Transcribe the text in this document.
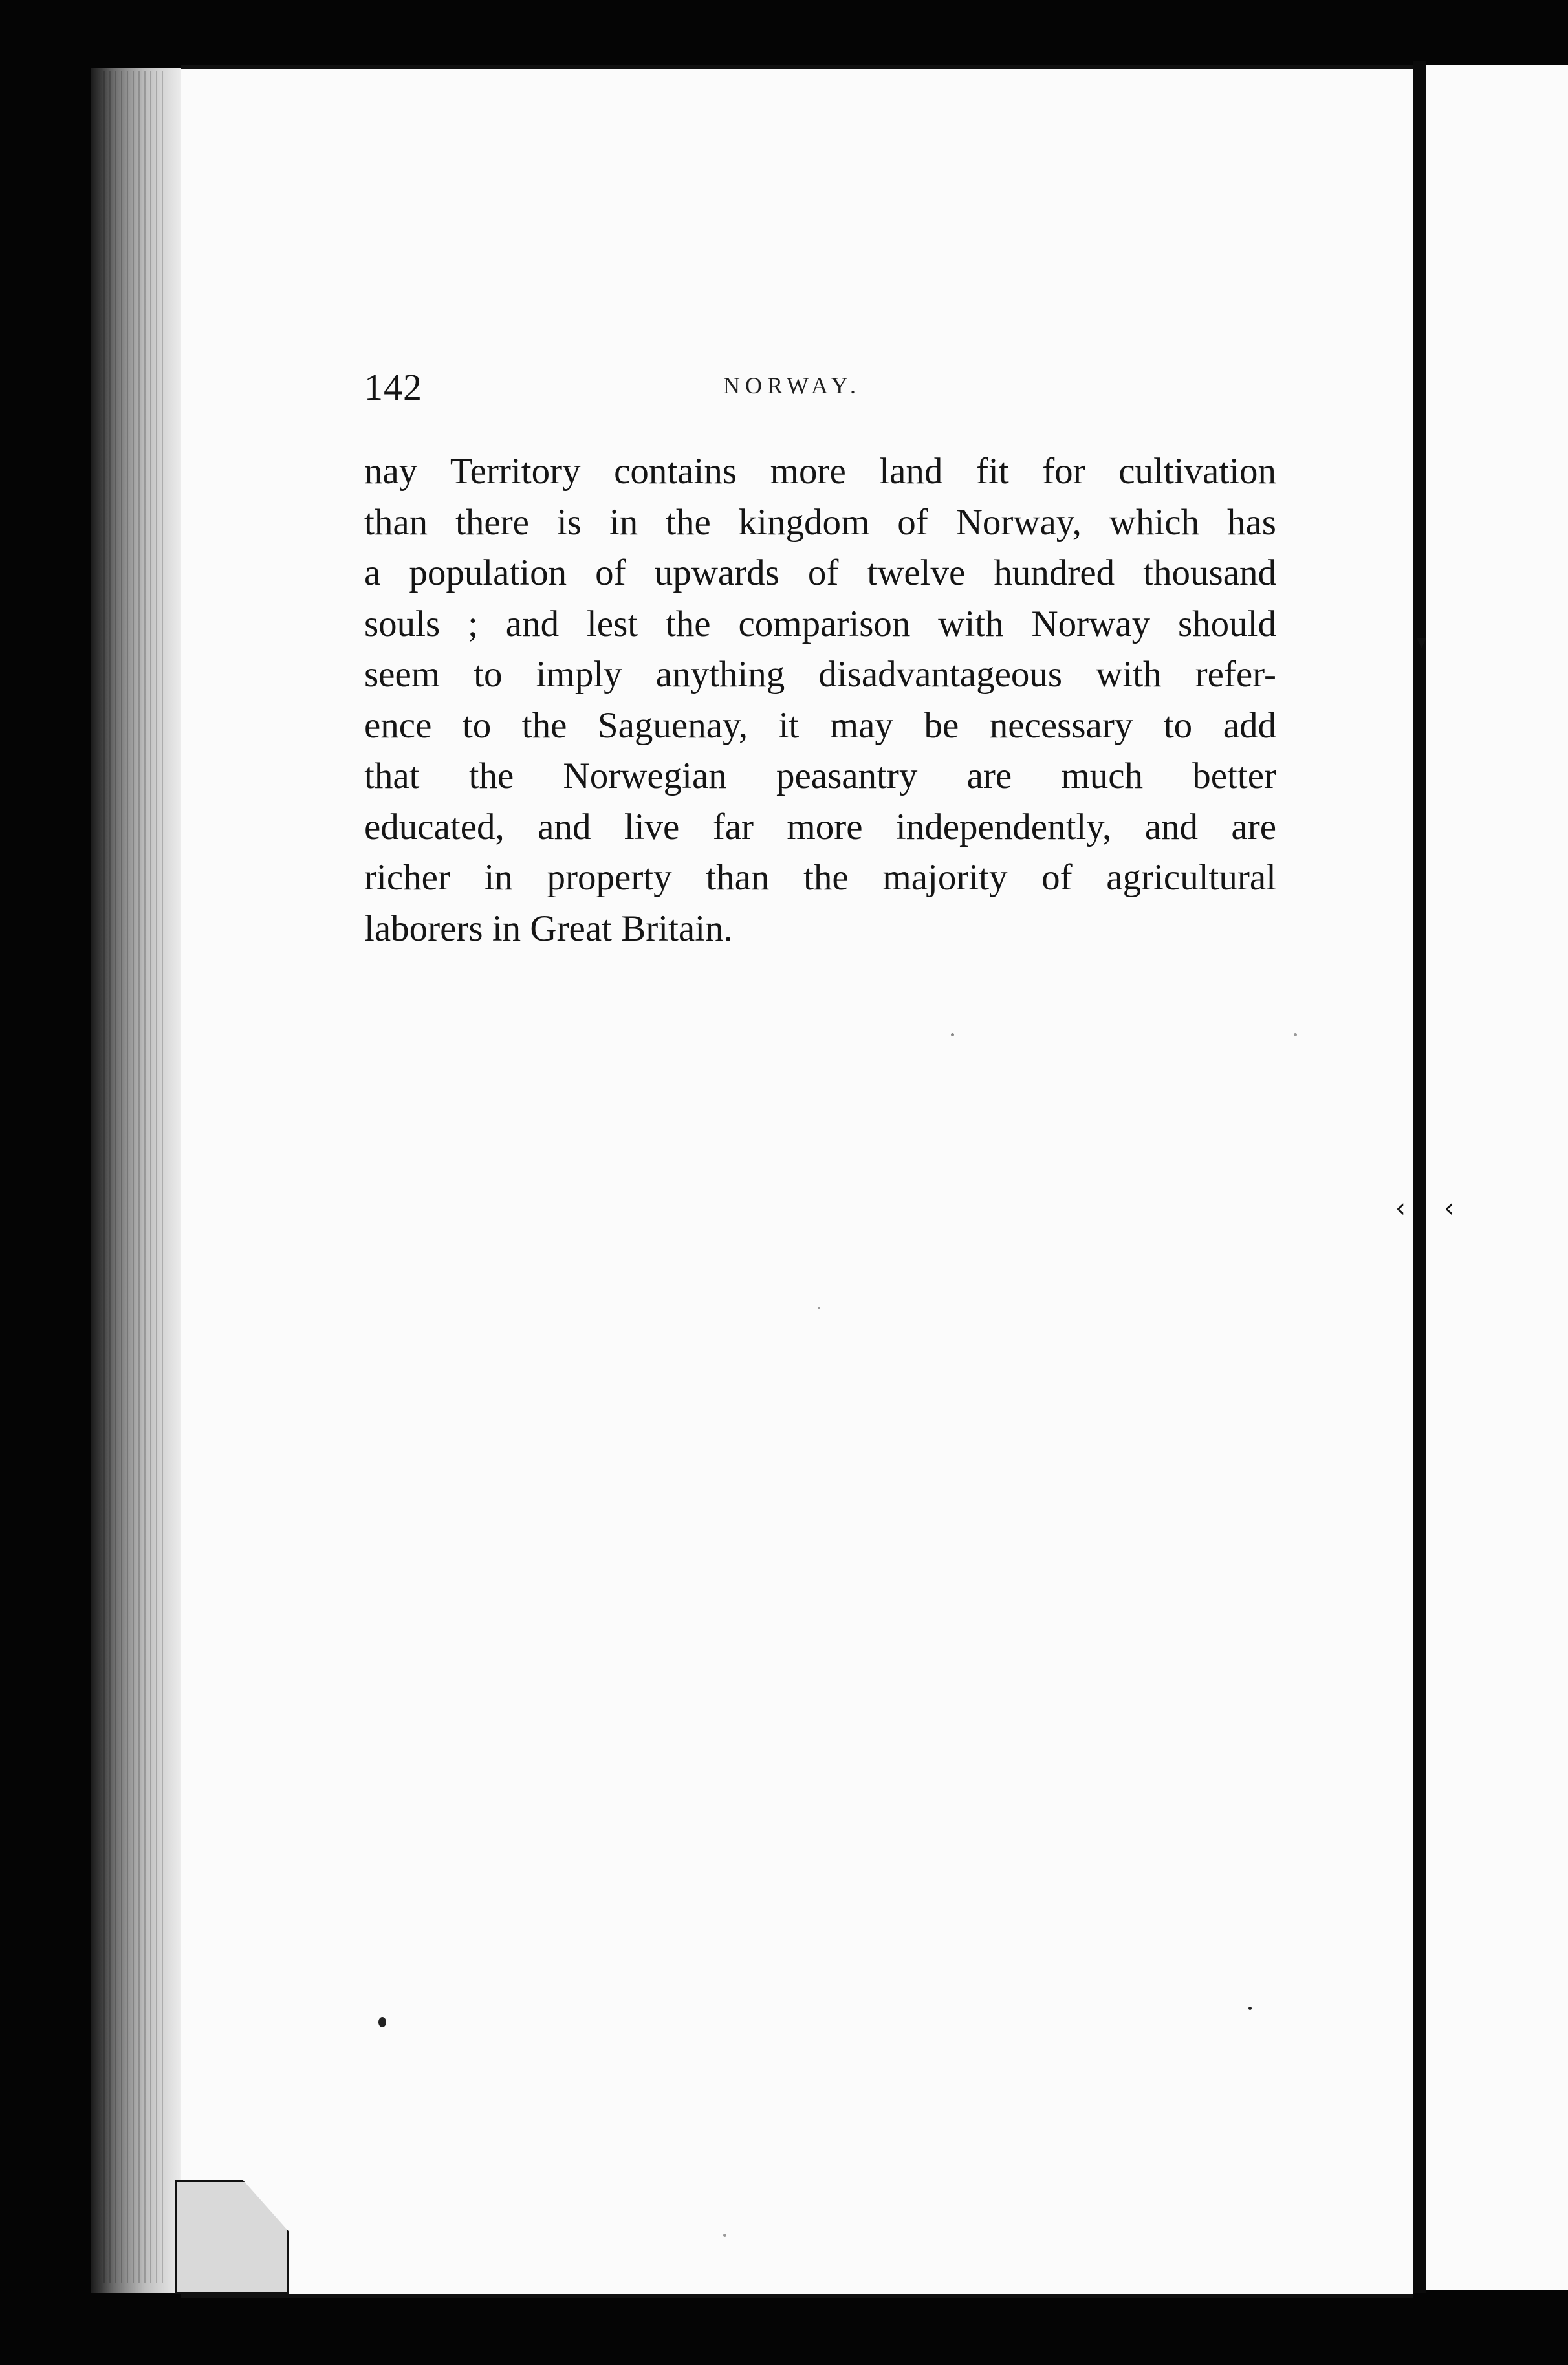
142	NORWAY.
nay Territory contains more land fit for cultivation
than there is in the kingdom of Norway, which has
a population of upwards of twelve hundred thousand
souls ; and lest the comparison with Norway should
seem to imply anything disadvantageous with refer-
ence to the Saguenay, it may be necessary to add
that the Norwegian peasantry are much better
educated, and live far more independently, and are
richer in property than the majority of agricultural
laborers in Great Britain.
‹ ‹
▾
